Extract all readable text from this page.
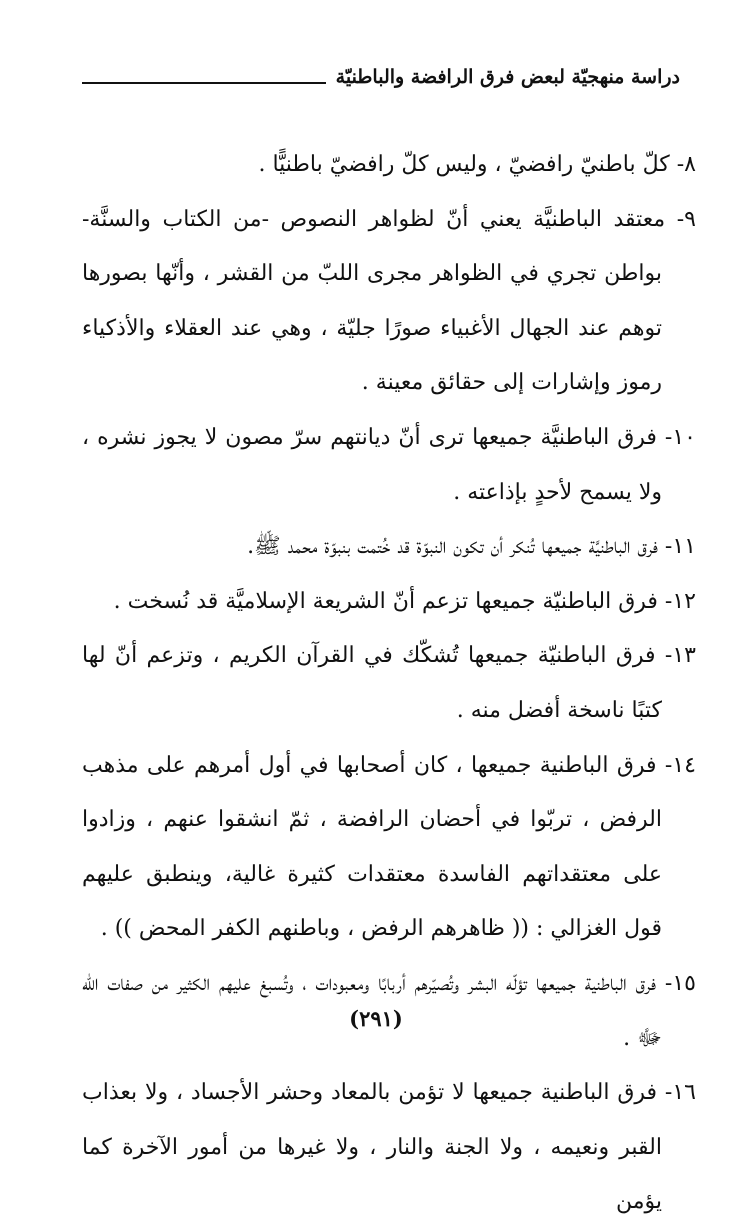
دراسة منهجيّة لبعض فرق الرافضة والباطنيّة

٨- كلّ باطنيّ رافضيّ ، وليس كلّ رافضيّ باطنيًّا .

٩- معتقد الباطنيَّة يعني أنّ لظواهر النصوص -من الكتاب والسنَّة- بواطن تجري في الظواهر مجرى اللبّ من القشر ، وأنّها بصورها توهم عند الجهال الأغبياء صورًا جليّة ، وهي عند العقلاء والأذكياء رموز وإشارات إلى حقائق معينة .

١٠- فرق الباطنيَّة جميعها ترى أنّ ديانتهم سرّ مصون لا يجوز نشره ، ولا يسمح لأحدٍ بإذاعته .

١١- فرق الباطنيَّة جميعها تُنكر أن تكون النبوّة قد خُتمت بنبوّة محمد ﷺ.

١٢- فرق الباطنيّة جميعها تزعم أنّ الشريعة الإسلاميَّة قد نُسخت .

١٣- فرق الباطنيّة جميعها تُشكّك في القرآن الكريم ، وتزعم أنّ لها كتبًا ناسخة أفضل منه .

١٤- فرق الباطنية جميعها ، كان أصحابها في أول أمرهم على مذهب الرفض ، تربّوا في أحضان الرافضة ، ثمّ انشقوا عنهم ، وزادوا على معتقداتهم الفاسدة معتقدات كثيرة غالية، وينطبق عليهم قول الغزالي : (( ظاهرهم الرفض ، وباطنهم الكفر المحض )) .

١٥- فرق الباطنية جميعها تؤلّه البشر وتُصيّرهم أربابًا ومعبودات ، وتُسبغ عليهم الكثير من صفات الله ﷻ .

١٦- فرق الباطنية جميعها لا تؤمن بالمعاد وحشر الأجساد ، ولا بعذاب القبر ونعيمه ، ولا الجنة والنار ، ولا غيرها من أمور الآخرة كما يؤمن

(٢٩١)
